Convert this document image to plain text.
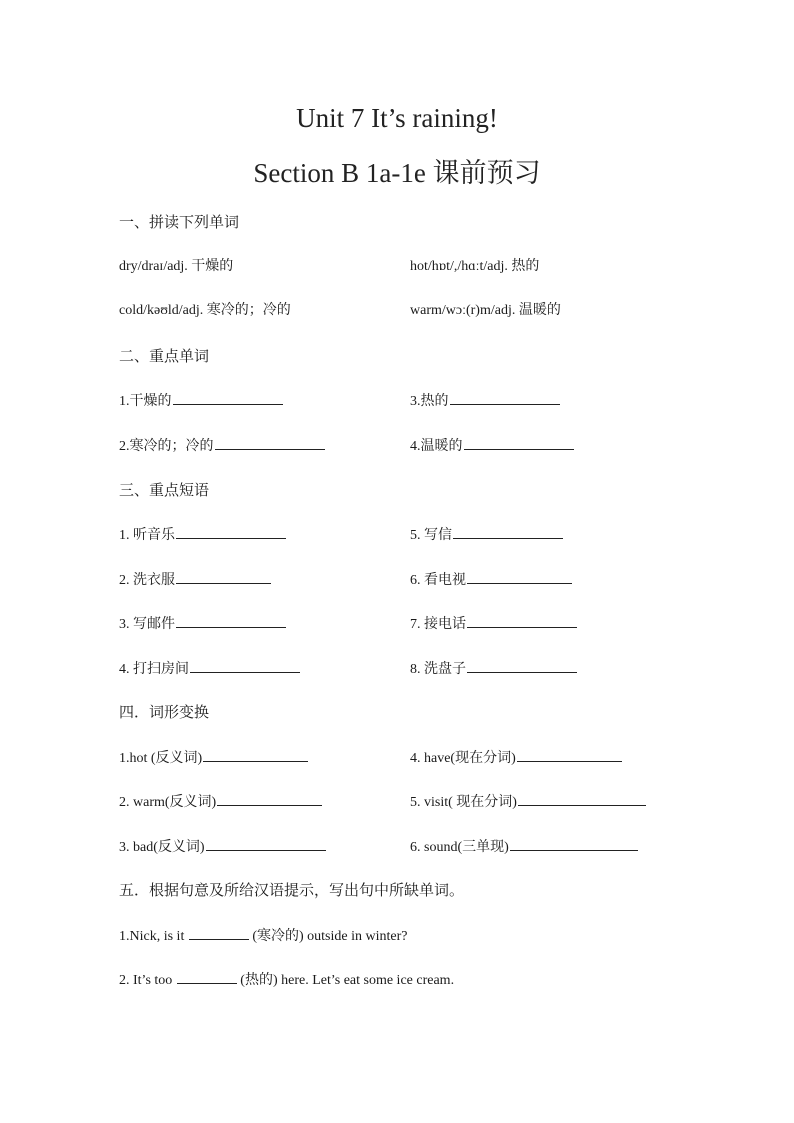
Unit 7 It’s raining!
Section B 1a-1e 课前预习
一、拼读下列单词
dry/draɪ/adj. 干燥的	hot/hɒt/,/hɑːt/adj. 热的
cold/kəʊld/adj. 寒冷的；冷的	warm/wɔː(r)m/adj. 温暖的
二、重点单词
1.干燥的	3.热的
2.寒冷的；冷的	4.温暖的
三、重点短语
1. 听音乐	5. 写信
2. 洗衣服	6. 看电视
3. 写邮件	7. 接电话
4. 打扫房间	8. 洗盘子
四．词形变换
1.hot (反义词)	4. have(现在分词)
2. warm(反义词)	5. visit( 现在分词)
3. bad(反义词)	6. sound(三单现)
五．根据句意及所给汉语提示，写出句中所缺单词。
1.Nick, is it	(寒冷的) outside in winter?
2. It’s too	(热的) here. Let’s eat some ice cream.
